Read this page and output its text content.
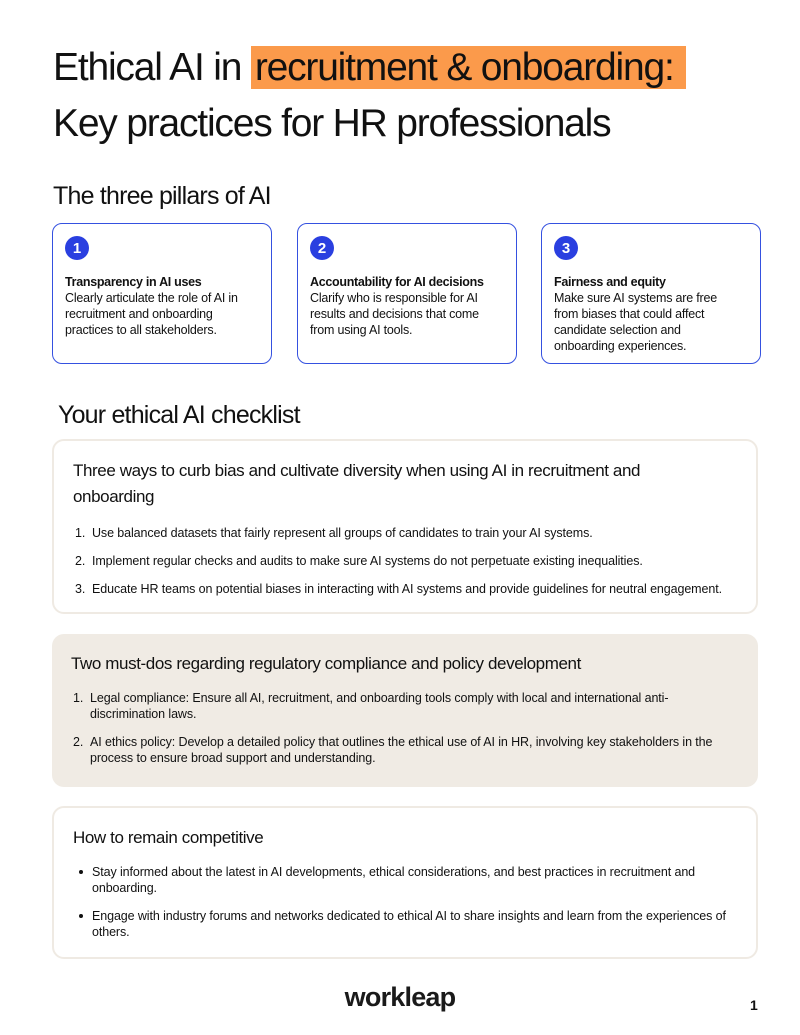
Ethical AI in recruitment & onboarding:
Key practices for HR professionals
The three pillars of AI
1
Transparency in AI uses
Clearly articulate the role of AI in recruitment and onboarding practices to all stakeholders.
2
Accountability for AI decisions
Clarify who is responsible for AI results and decisions that come from using AI tools.
3
Fairness and equity
Make sure AI systems are free from biases that could affect candidate selection and onboarding experiences.
Your ethical AI checklist
Three ways to curb bias and cultivate diversity when using AI in recruitment and onboarding
1. Use balanced datasets that fairly represent all groups of candidates to train your AI systems.
2. Implement regular checks and audits to make sure AI systems do not perpetuate existing inequalities.
3. Educate HR teams on potential biases in interacting with AI systems and provide guidelines for neutral engagement.
Two must-dos regarding regulatory compliance and policy development
1. Legal compliance: Ensure all AI, recruitment, and onboarding tools comply with local and international anti-discrimination laws.
2. AI ethics policy: Develop a detailed policy that outlines the ethical use of AI in HR, involving key stakeholders in the process to ensure broad support and understanding.
How to remain competitive
Stay informed about the latest in AI developments, ethical considerations, and best practices in recruitment and onboarding.
Engage with industry forums and networks dedicated to ethical AI to share insights and learn from the experiences of others.
workleap	1
